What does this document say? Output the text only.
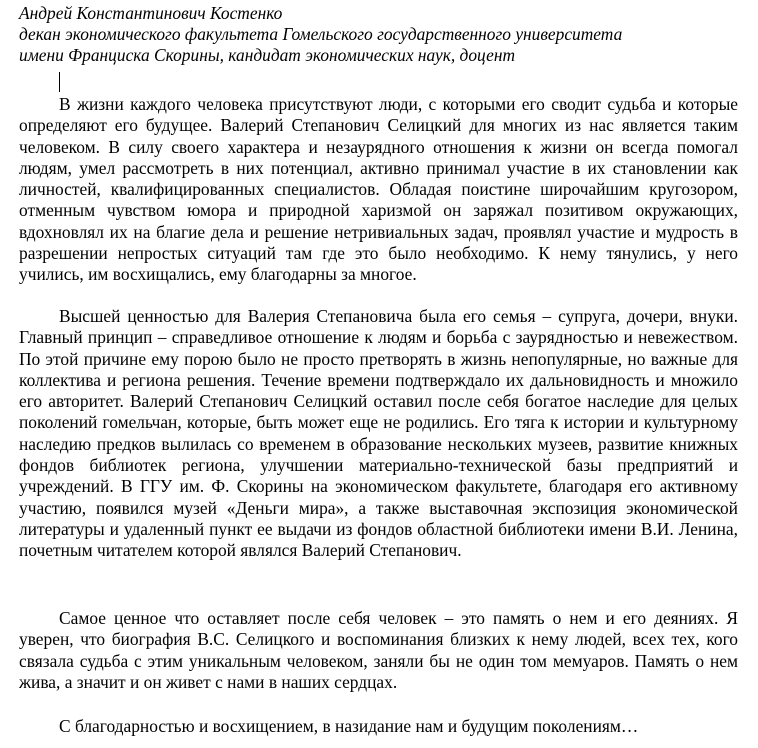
Андрей Константинович Костенко
декан экономического факультета Гомельского государственного университета
имени Франциска Скорины, кандидат экономических наук, доцент

В жизни каждого человека присутствуют люди, с которыми его сводит судьба и которые определяют его будущее. Валерий Степанович Селицкий для многих из нас является таким человеком. В силу своего характера и незаурядного отношения к жизни он всегда помогал людям, умел рассмотреть в них потенциал, активно принимал участие в их становлении как личностей, квалифицированных специалистов. Обладая поистине широчайшим кругозором, отменным чувством юмора и природной харизмой он заряжал позитивом окружающих, вдохновлял их на благие дела и решение нетривиальных задач, проявлял участие и мудрость в разрешении непростых ситуаций там где это было необходимо. К нему тянулись, у него учились, им восхищались, ему благодарны за многое.

Высшей ценностью для Валерия Степановича была его семья – супруга, дочери, внуки. Главный принцип – справедливое отношение к людям и борьба с заурядностью и невежеством. По этой причине ему порою было не просто претворять в жизнь непопулярные, но важные для коллектива и региона решения. Течение времени подтверждало их дальновидность и множило его авторитет. Валерий Степанович Селицкий оставил после себя богатое наследие для целых поколений гомельчан, которые, быть может еще не родились. Его тяга к истории и культурному наследию предков вылилась со временем в образование нескольких музеев, развитие книжных фондов библиотек региона, улучшении материально-технической базы предприятий и учреждений. В ГГУ им. Ф. Скорины на экономическом факультете, благодаря его активному участию, появился музей «Деньги мира», а также выставочная экспозиция экономической литературы и удаленный пункт ее выдачи из фондов областной библиотеки имени В.И. Ленина, почетным читателем которой являлся Валерий Степанович.

Самое ценное что оставляет после себя человек – это память о нем и его деяниях. Я уверен, что биография В.С. Селицкого и воспоминания близких к нему людей, всех тех, кого связала судьба с этим уникальным человеком, заняли бы не один том мемуаров. Память о нем жива, а значит и он живет с нами в наших сердцах.

С благодарностью и восхищением, в назидание нам и будущим поколениям…
